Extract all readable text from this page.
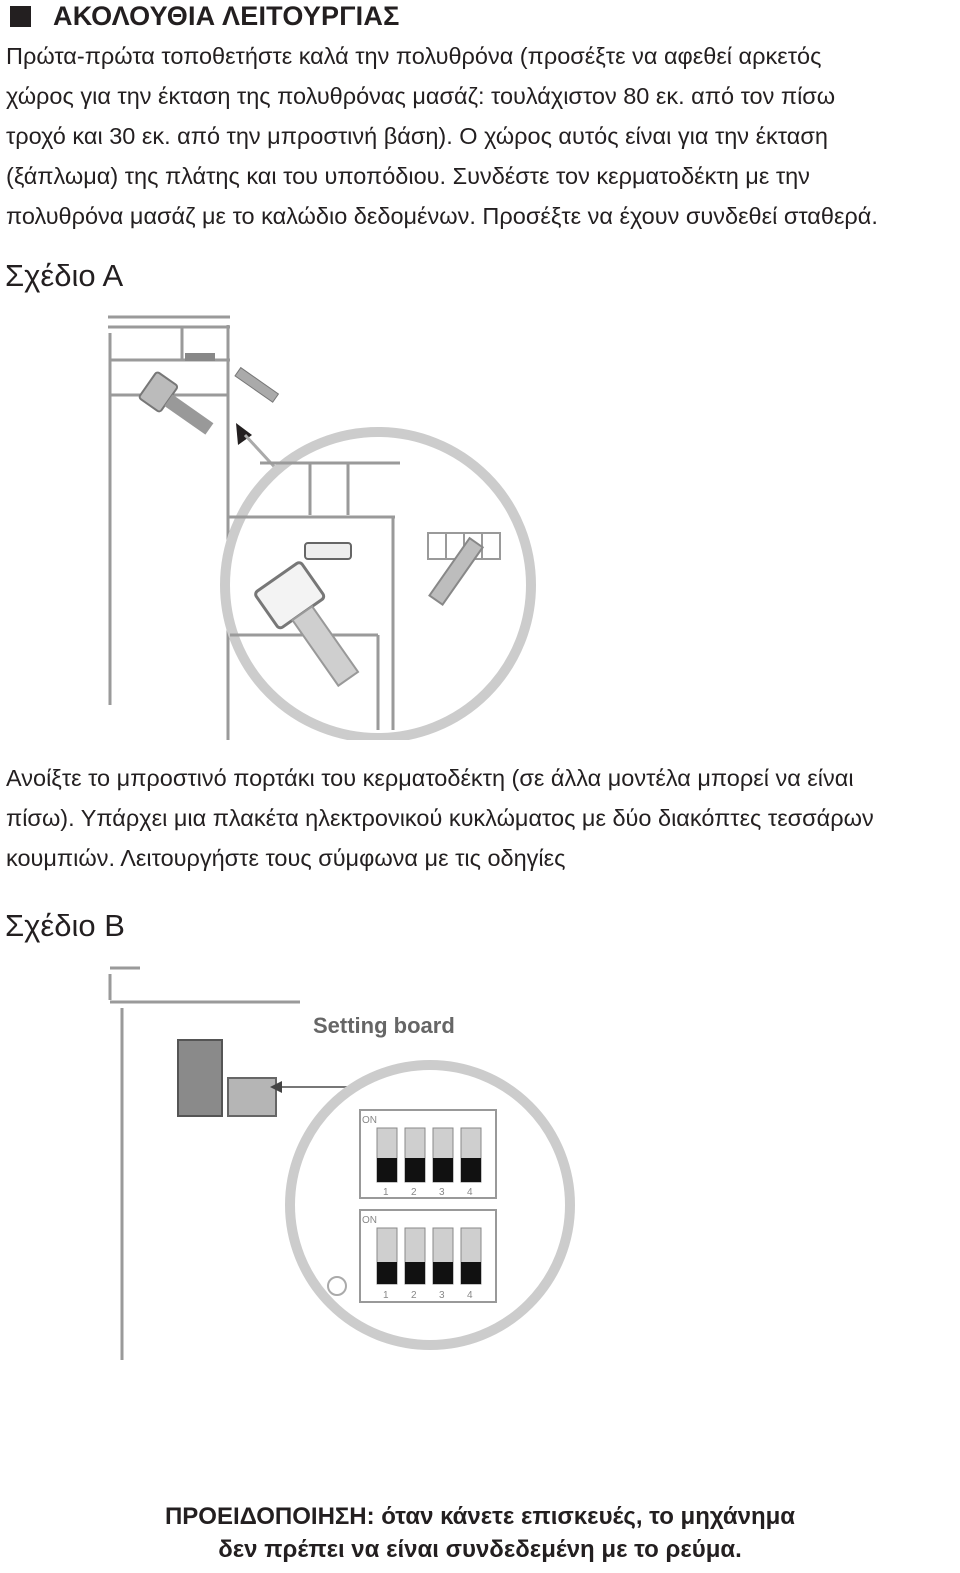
ΑΚΟΛΟΥΘΙΑ ΛΕΙΤΟΥΡΓΙΑΣ

Πρώτα-πρώτα τοποθετήστε καλά την πολυθρόνα (προσέξτε να αφεθεί αρκετός
χώρος για την έκταση της πολυθρόνας μασάζ: τουλάχιστον 80 εκ. από τον πίσω
τροχό και 30 εκ. από την μπροστινή βάση). Ο χώρος αυτός είναι για την έκταση
(ξάπλωμα) της πλάτης και του υποπόδιου. Συνδέστε τον κερματοδέκτη με την
πολυθρόνα μασάζ με το καλώδιο δεδομένων. Προσέξτε να έχουν συνδεθεί σταθερά.

Σχέδιο Α

Ανοίξτε το μπροστινό πορτάκι του κερματοδέκτη (σε άλλα μοντέλα μπορεί να είναι
πίσω). Υπάρχει μια πλακέτα ηλεκτρονικού κυκλώματος με δύο διακόπτες τεσσάρων
κουμπιών. Λειτουργήστε τους σύμφωνα με τις οδηγίες

Σχέδιο Β
Setting board
ON
1 2 3 4
ON
1 2 3 4
ΠΡΟΕΙΔΟΠΟΙΗΣΗ: όταν κάνετε επισκευές, το μηχάνημα
δεν πρέπει να είναι συνδεδεμένη με το ρεύμα.
